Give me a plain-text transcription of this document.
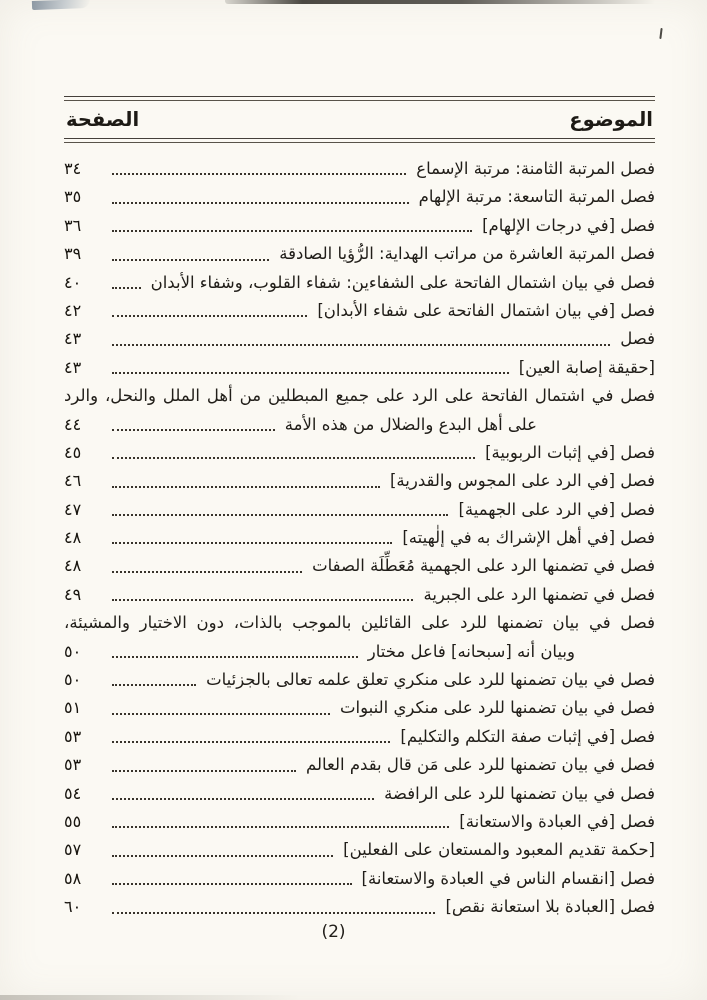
الموضوع
الصفحة
فصل المرتبة الثامنة: مرتبة الإسماع
٣٤
فصل المرتبة التاسعة: مرتبة الإلهام
٣٥
فصل [في درجات الإلهام]
٣٦
فصل المرتبة العاشرة من مراتب الهداية: الرُّؤيا الصادقة
٣٩
فصل في بيان اشتمال الفاتحة على الشفاءين: شفاء القلوب، وشفاء الأبدان
٤٠
فصل [في بيان اشتمال الفاتحة على شفاء الأبدان]
٤٢
فصل
٤٣
[حقيقة إصابة العين]
٤٣
فصل في اشتمال الفاتحة على الرد على جميع المبطلين من أهل الملل والنحل، والرد
على أهل البدع والضلال من هذه الأمة
٤٤
فصل [في إثبات الربوبية]
٤٥
فصل [في الرد على المجوس والقدرية]
٤٦
فصل [في الرد على الجهمية]
٤٧
فصل [في أهل الإشراك به في إلٰهيته]
٤٨
فصل في تضمنها الرد على الجهمية مُعَطِّلَة الصفات
٤٨
فصل في تضمنها الرد على الجبرية
٤٩
فصل في بيان تضمنها للرد على القائلين بالموجب بالذات، دون الاختيار والمشيئة،
وبيان أنه [سبحانه] فاعل مختار
٥٠
فصل في بيان تضمنها للرد على منكري تعلق علمه تعالى بالجزئيات
٥٠
فصل في بيان تضمنها للرد على منكري النبوات
٥١
فصل [في إثبات صفة التكلم والتكليم]
٥٣
فصل في بيان تضمنها للرد على مَن قال بقدم العالم
٥٣
فصل في بيان تضمنها للرد على الرافضة
٥٤
فصل [في العبادة والاستعانة]
٥٥
[حكمة تقديم المعبود والمستعان على الفعلين]
٥٧
فصل [انقسام الناس في العبادة والاستعانة]
٥٨
فصل [العبادة بلا استعانة نقص]
٦٠
(2)
